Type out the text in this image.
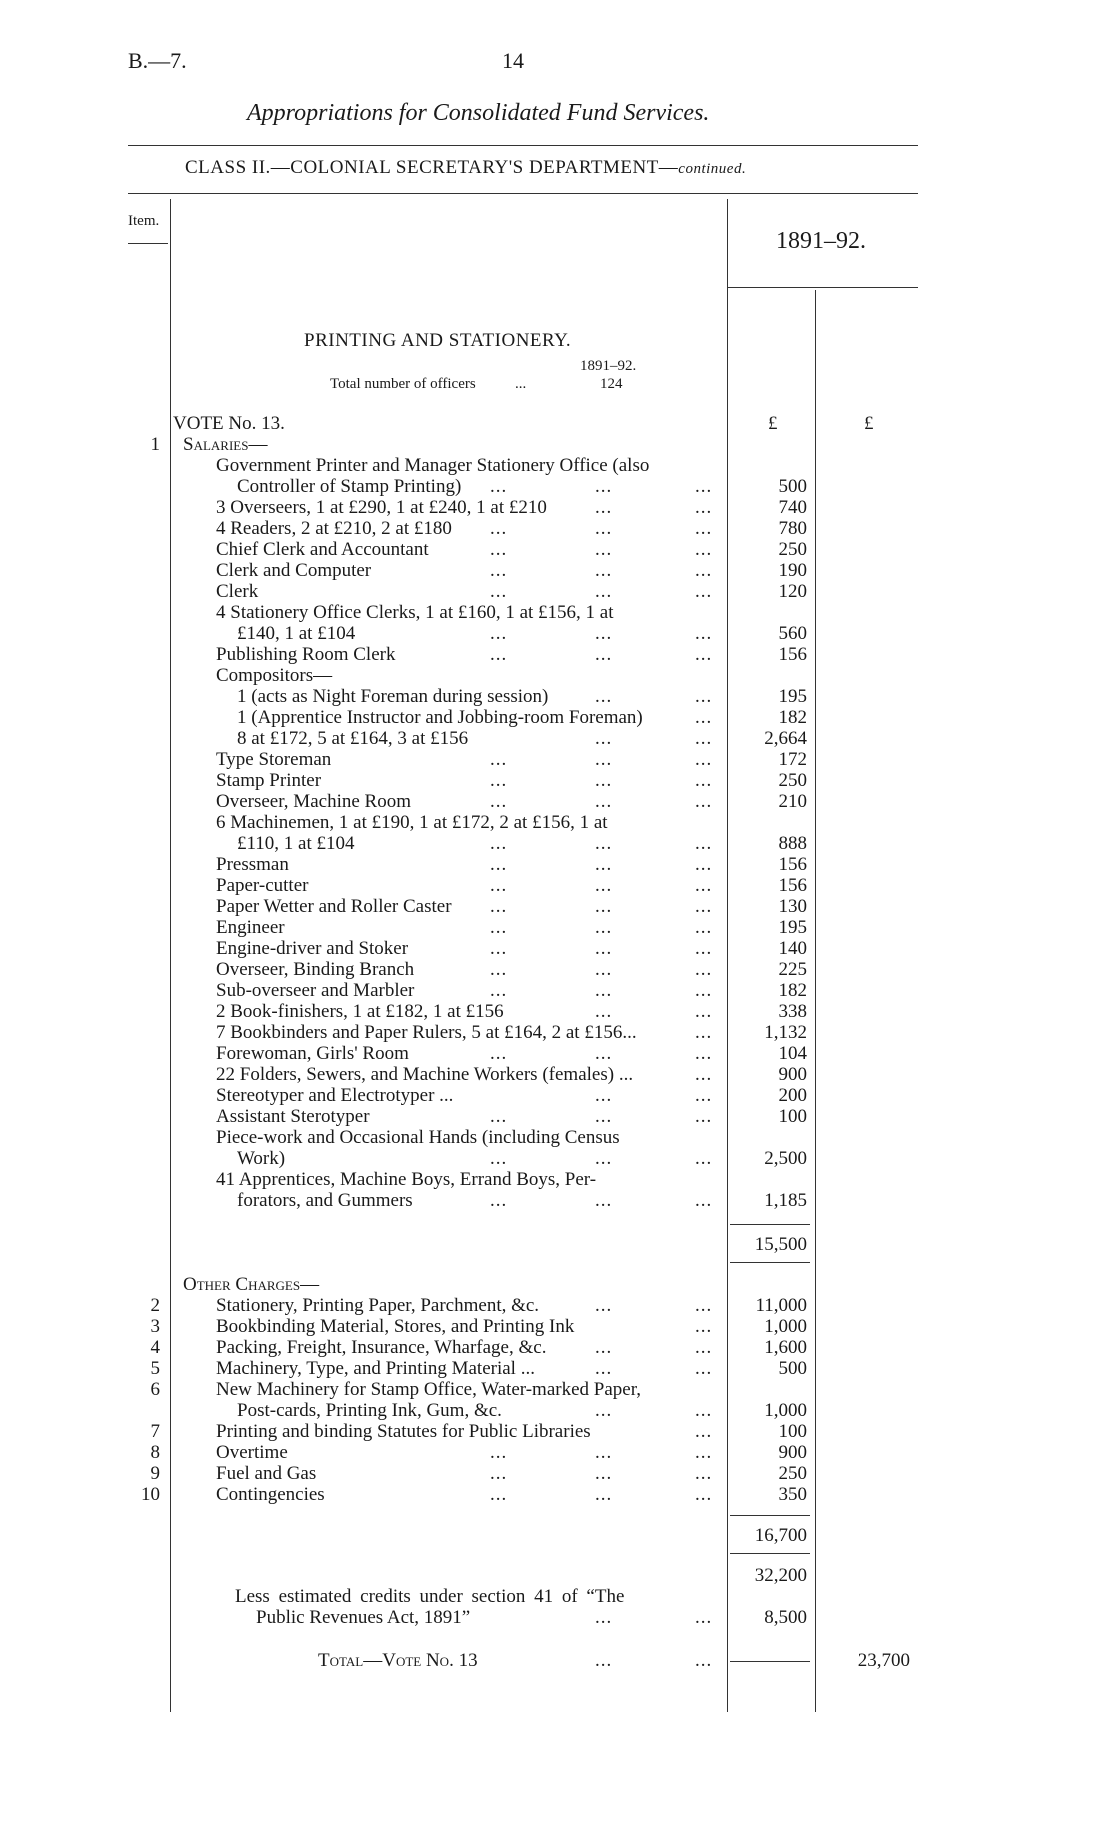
B.—7.	14
Appropriations for Consolidated Fund Services.
CLASS II.—COLONIAL SECRETARY'S DEPARTMENT—continued.
Item.
1891–92.
PRINTING AND STATIONERY.
1891–92.
Total number of officers	...	124
VOTE No. 13.	£	£
1 Salaries—
Government Printer and Manager Stationery Office (also
Controller of Stamp Printing) ...	...	...	500
3 Overseers, 1 at £290, 1 at £240, 1 at £210	...	...	740
4 Readers, 2 at £210, 2 at £180 ...	...	...	780
Chief Clerk and Accountant	...	...	...	250
Clerk and Computer	...	...	...	190
Clerk	...	...	...	120
4 Stationery Office Clerks, 1 at £160, 1 at £156, 1 at
£140, 1 at £104	...	...	...	560
Publishing Room Clerk	...	...	...	156
Compositors—
1 (acts as Night Foreman during session) ...	...	195
1 (Apprentice Instructor and Jobbing-room Foreman)	...	182
8 at £172, 5 at £164, 3 at £156	...	...	2,664
Type Storeman	...	...	...	172
Stamp Printer	...	...	...	250
Overseer, Machine Room	...	...	...	210
6 Machinemen, 1 at £190, 1 at £172, 2 at £156, 1 at
£110, 1 at £104	...	...	...	888
Pressman	...	...	...	156
Paper-cutter	...	...	...	156
Paper Wetter and Roller Caster ...	...	...	130
Engineer	...	...	...	195
Engine-driver and Stoker	...	...	...	140
Overseer, Binding Branch	...	...	...	225
Sub-overseer and Marbler	...	...	...	182
2 Book-finishers, 1 at £182, 1 at £156	...	...	338
7 Bookbinders and Paper Rulers, 5 at £164, 2 at £156...	...	1,132
Forewoman, Girls' Room	...	...	...	104
22 Folders, Sewers, and Machine Workers (females) ...	...	900
Stereotyper and Electrotyper ...	...	...	200
Assistant Sterotyper	...	...	...	100
Piece-work and Occasional Hands (including Census
Work)	...	...	...	2,500
41 Apprentices, Machine Boys, Errand Boys, Per-
forators, and Gummers	...	...	...	1,185
15,500
Other Charges—
2	Stationery, Printing Paper, Parchment, &c.	...	...	11,000
3	Bookbinding Material, Stores, and Printing Ink	...	1,000
4	Packing, Freight, Insurance, Wharfage, &c.	...	...	1,600
5	Machinery, Type, and Printing Material ...	...	...	500
6	New Machinery for Stamp Office, Water-marked Paper,
Post-cards, Printing Ink, Gum, &c.	...	...	1,000
7	Printing and binding Statutes for Public Libraries	...	100
8	Overtime	...	...	...	900
9	Fuel and Gas	...	...	...	250
10	Contingencies	...	...	...	350
16,700
32,200
Less estimated credits under section 41 of “The
Public Revenues Act, 1891”	...	...	8,500
Total—Vote No. 13	...	...	23,700
